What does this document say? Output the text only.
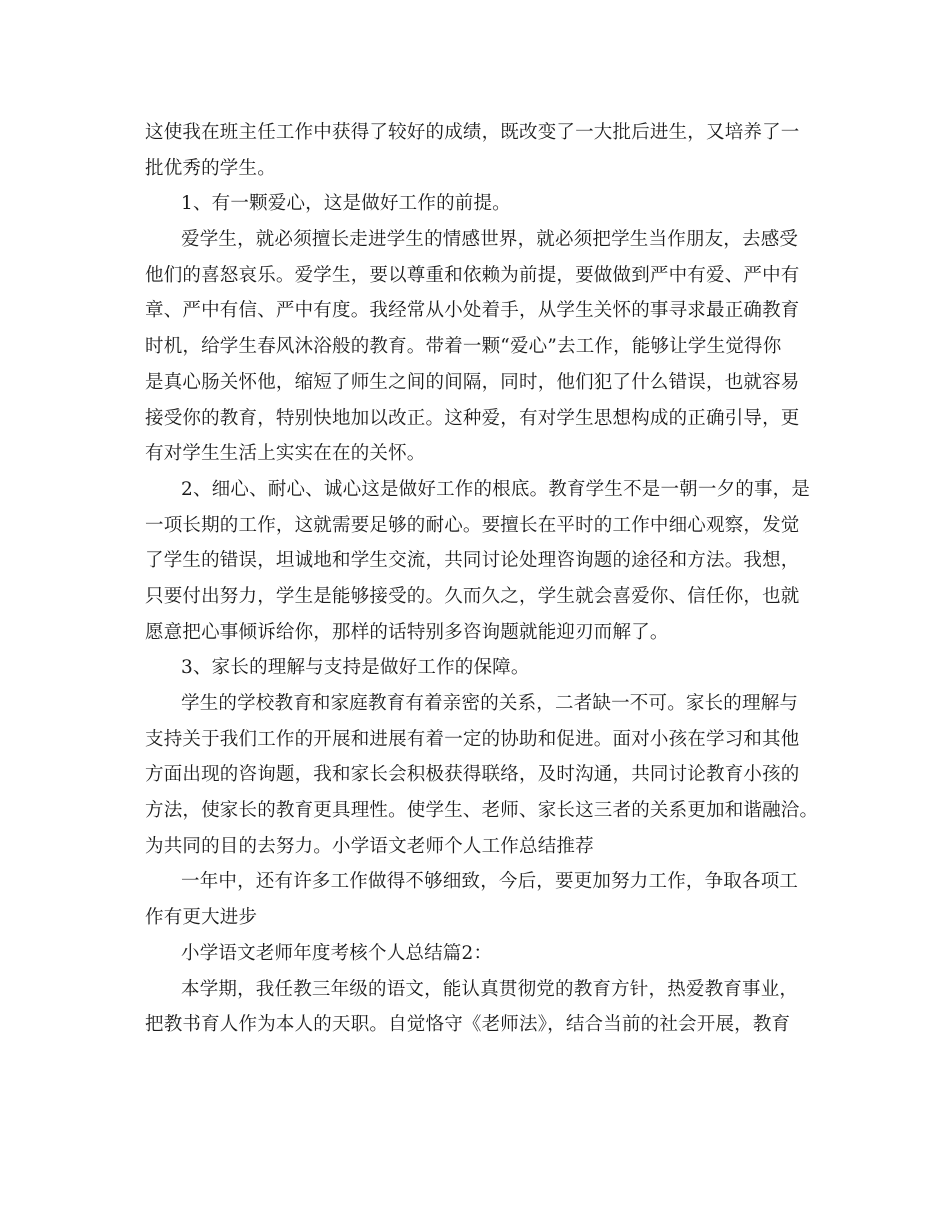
这使我在班主任工作中获得了较好的成绩，既改变了一大批后进生，又培养了一
批优秀的学生。
1、有一颗爱心，这是做好工作的前提。
爱学生，就必须擅长走进学生的情感世界，就必须把学生当作朋友，去感受
他们的喜怒哀乐。爱学生，要以尊重和依赖为前提，要做做到严中有爱、严中有
章、严中有信、严中有度。我经常从小处着手，从学生关怀的事寻求最正确教育
时机，给学生春风沐浴般的教育。带着一颗“爱心”去工作，能够让学生觉得你
是真心肠关怀他，缩短了师生之间的间隔，同时，他们犯了什么错误，也就容易
接受你的教育，特别快地加以改正。这种爱，有对学生思想构成的正确引导，更
有对学生生活上实实在在的关怀。
2、细心、耐心、诚心这是做好工作的根底。教育学生不是一朝一夕的事，是
一项长期的工作，这就需要足够的耐心。要擅长在平时的工作中细心观察，发觉
了学生的错误，坦诚地和学生交流，共同讨论处理咨询题的途径和方法。我想，
只要付出努力，学生是能够接受的。久而久之，学生就会喜爱你、信任你，也就
愿意把心事倾诉给你，那样的话特别多咨询题就能迎刃而解了。
3、家长的理解与支持是做好工作的保障。
学生的学校教育和家庭教育有着亲密的关系，二者缺一不可。家长的理解与
支持关于我们工作的开展和进展有着一定的协助和促进。面对小孩在学习和其他
方面出现的咨询题，我和家长会积极获得联络，及时沟通，共同讨论教育小孩的
方法，使家长的教育更具理性。使学生、老师、家长这三者的关系更加和谐融洽。
为共同的目的去努力。小学语文老师个人工作总结推荐
一年中，还有许多工作做得不够细致，今后，要更加努力工作，争取各项工
作有更大进步
小学语文老师年度考核个人总结篇2：
本学期，我任教三年级的语文，能认真贯彻党的教育方针，热爱教育事业，
把教书育人作为本人的天职。自觉恪守《老师法》，结合当前的社会开展，教育
